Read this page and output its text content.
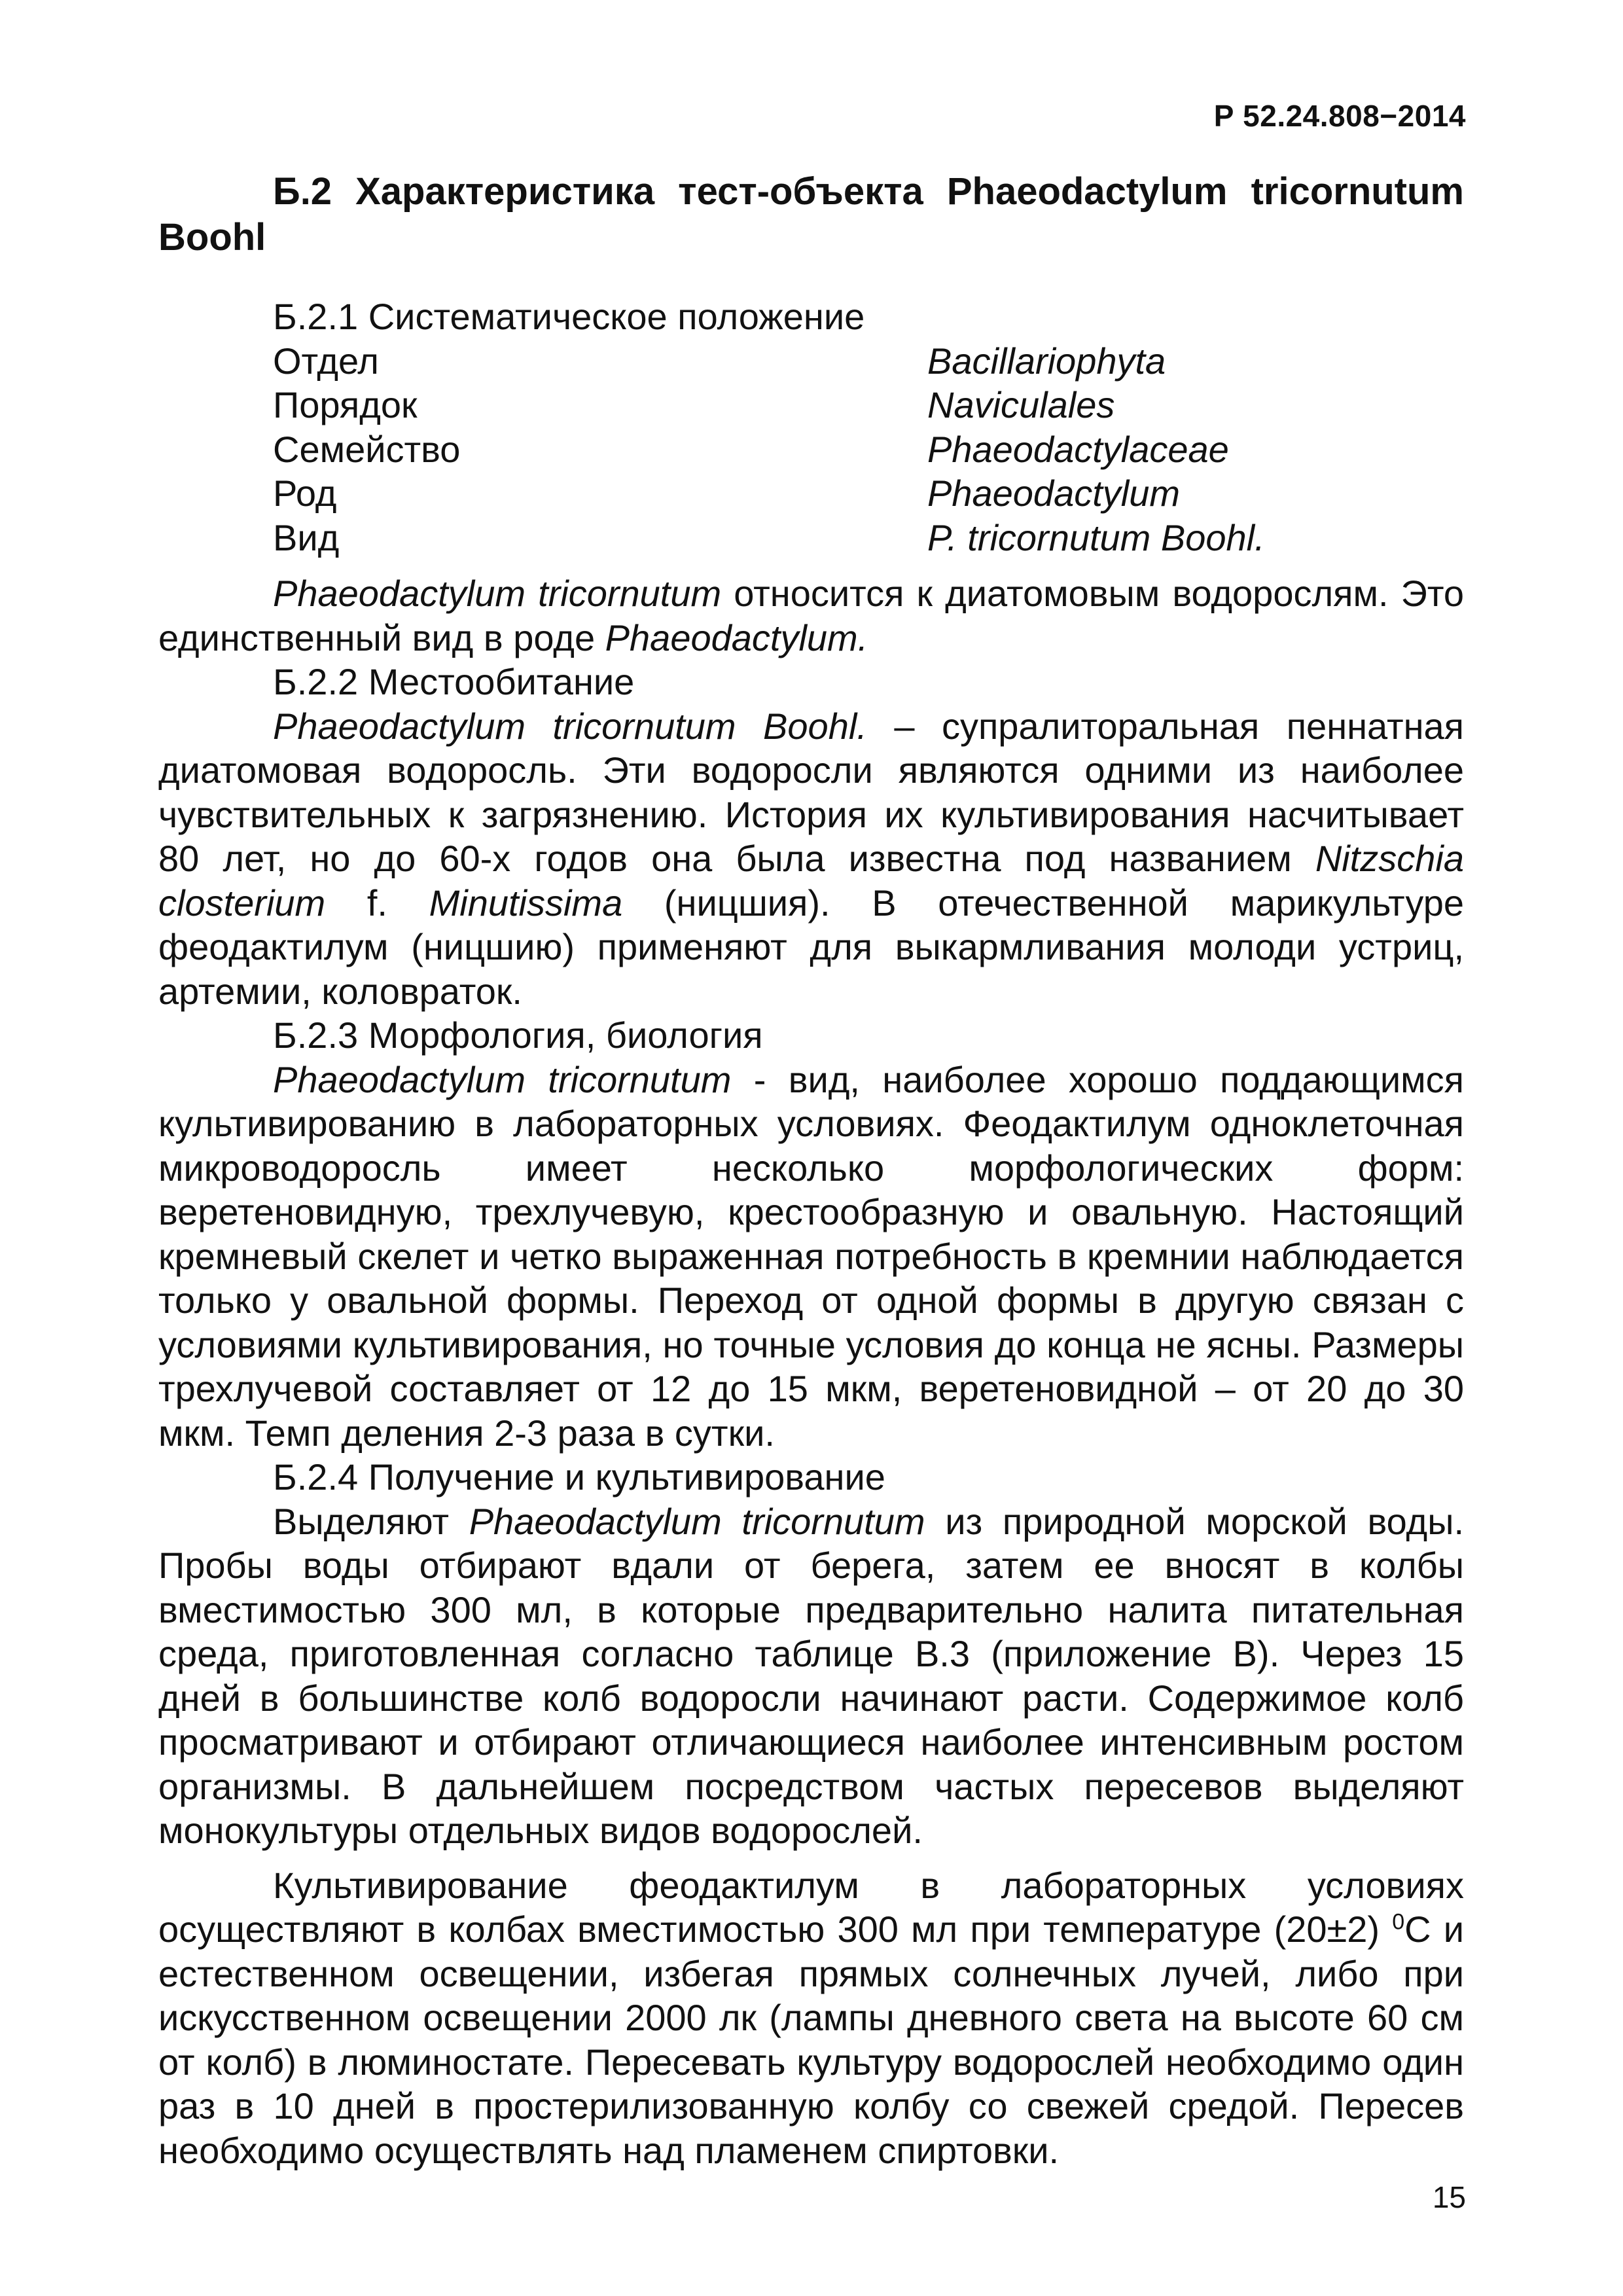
Р 52.24.808−2014

Б.2 Характеристика тест-объекта Phaeodactylum tricornutum Boohl

Б.2.1 Систематическое положение

Отдел	Bacillariophyta
Порядок	Naviculales
Семейство	Phaeodactylaceae
Род	Phaeodactylum
Вид	P. tricornutum Boohl.

Phaeodactylum tricornutum относится к диатомовым водорослям. Это единственный вид в роде Phaeodactylum.

Б.2.2 Местообитание

Phaeodactylum tricornutum Boohl. – супралиторальная пеннатная диатомовая водоросль. Эти водоросли являются одними из наиболее чувствительных к загрязнению. История их культивирования насчитывает 80 лет, но до 60-х годов она была известна под названием Nitzschia closterium f. Minutissima (ницшия). В отечественной марикультуре феодактилум (ницшию) применяют для выкармливания молоди устриц, артемии, коловраток.

Б.2.3 Морфология, биология

Phaeodactylum tricornutum - вид, наиболее хорошо поддающимся культивированию в лабораторных условиях. Феодактилум одноклеточная микроводоросль имеет несколько морфологических форм: веретеновидную, трехлучевую, крестообразную и овальную. Настоящий кремневый скелет и четко выраженная потребность в кремнии наблюдается только у овальной формы. Переход от одной формы в другую связан с условиями культивирования, но точные условия до конца не ясны. Размеры трехлучевой составляет от 12 до 15 мкм, веретеновидной – от 20 до 30 мкм. Темп деления 2-3 раза в сутки.

Б.2.4 Получение и культивирование

Выделяют Phaeodactylum tricornutum из природной морской воды. Пробы воды отбирают вдали от берега, затем ее вносят в колбы вместимостью 300 мл, в которые предварительно налита питательная среда, приготовленная согласно таблице В.3 (приложение В). Через 15 дней в большинстве колб водоросли начинают расти. Содержимое колб просматривают и отбирают отличающиеся наиболее интенсивным ростом организмы. В дальнейшем посредством частых пересевов выделяют монокультуры отдельных видов водорослей.

Культивирование феодактилум в лабораторных условиях осуществляют в колбах вместимостью 300 мл при температуре (20±2) $^0$С и естественном освещении, избегая прямых солнечных лучей, либо при искусственном освещении 2000 лк (лампы дневного света на высоте 60 см от колб) в люминостате. Пересевать культуру водорослей необходимо один раз в 10 дней в простерилизованную колбу со свежей средой. Пересев необходимо осуществлять над пламенем спиртовки.

15
